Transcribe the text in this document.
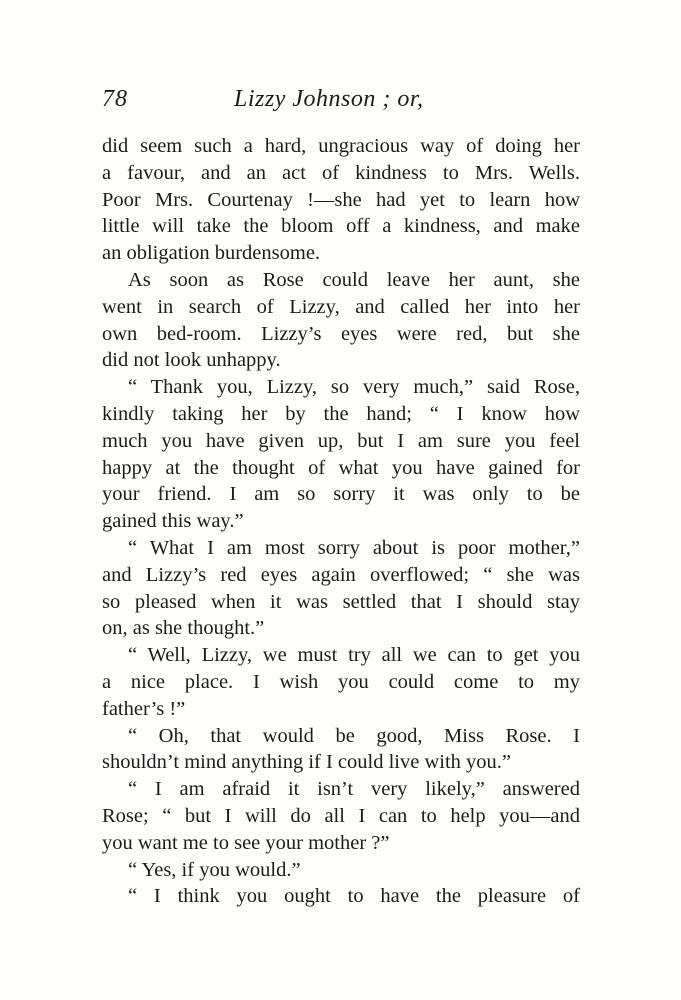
78	Lizzy Johnson ; or,
did seem such a hard, ungracious way of doing her
a favour, and an act of kindness to Mrs. Wells.
Poor Mrs. Courtenay !—she had yet to learn how
little will take the bloom off a kindness, and make
an obligation burdensome.
As soon as Rose could leave her aunt, she
went in search of Lizzy, and called her into her
own bed-room. Lizzy’s eyes were red, but she
did not look unhappy.
“ Thank you, Lizzy, so very much,” said Rose,
kindly taking her by the hand; “ I know how
much you have given up, but I am sure you feel
happy at the thought of what you have gained for
your friend. I am so sorry it was only to be
gained this way.”
“ What I am most sorry about is poor mother,”
and Lizzy’s red eyes again overflowed; “ she was
so pleased when it was settled that I should stay
on, as she thought.”
“ Well, Lizzy, we must try all we can to get you
a nice place. I wish you could come to my
father’s !”
“ Oh, that would be good, Miss Rose. I
shouldn’t mind anything if I could live with you.”
“ I am afraid it isn’t very likely,” answered
Rose; “ but I will do all I can to help you—and
you want me to see your mother ?”
“ Yes, if you would.”
“ I think you ought to have the pleasure of
